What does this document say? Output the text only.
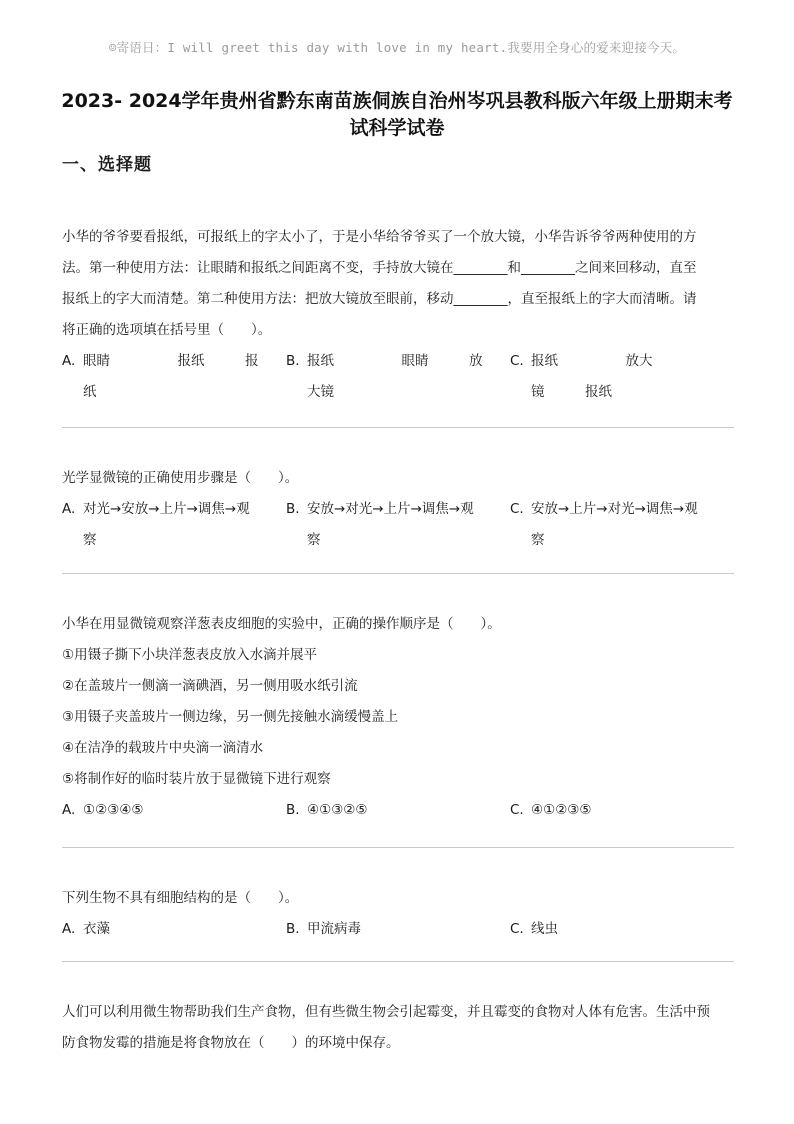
☺寄语日：I will greet this day with love in my heart.我要用全身心的爱来迎接今天。
2023- 2024学年贵州省黔东南苗族侗族自治州岑巩县教科版六年级上册期末考
试科学试卷
一、选择题

小华的爷爷要看报纸，可报纸上的字太小了，于是小华给爷爷买了一个放大镜，小华告诉爷爷两种使用的方

法。第一种使用方法：让眼睛和报纸之间距离不变，手持放大镜在________和________之间来回移动，直至

报纸上的字大而清楚。第二种使用方法：把放大镜放至眼前，移动________，直至报纸上的字大而清晰。请

将正确的选项填在括号里（　　）。

A. 眼睛　　　　　报纸　　　报
纸
B. 报纸　　　　　眼睛　　　放
大镜
C. 报纸　　　　　放大
镜　　　报纸

光学显微镜的正确使用步骤是（　　）。

A. 对光→安放→上片→调焦→观
察
B. 安放→对光→上片→调焦→观
察
C. 安放→上片→对光→调焦→观
察

小华在用显微镜观察洋葱表皮细胞的实验中，正确的操作顺序是（　　）。

①用镊子撕下小块洋葱表皮放入水滴并展平

②在盖玻片一侧滴一滴碘酒，另一侧用吸水纸引流

③用镊子夹盖玻片一侧边缘，另一侧先接触水滴缓慢盖上

④在洁净的载玻片中央滴一滴清水

⑤将制作好的临时装片放于显微镜下进行观察

A. ①②③④⑤	B. ④①③②⑤	C. ④①②③⑤

下列生物不具有细胞结构的是（　　）。

A. 衣藻	B. 甲流病毒	C. 线虫

人们可以利用微生物帮助我们生产食物，但有些微生物会引起霉变，并且霉变的食物对人体有危害。生活中预

防食物发霉的措施是将食物放在（　　）的环境中保存。
